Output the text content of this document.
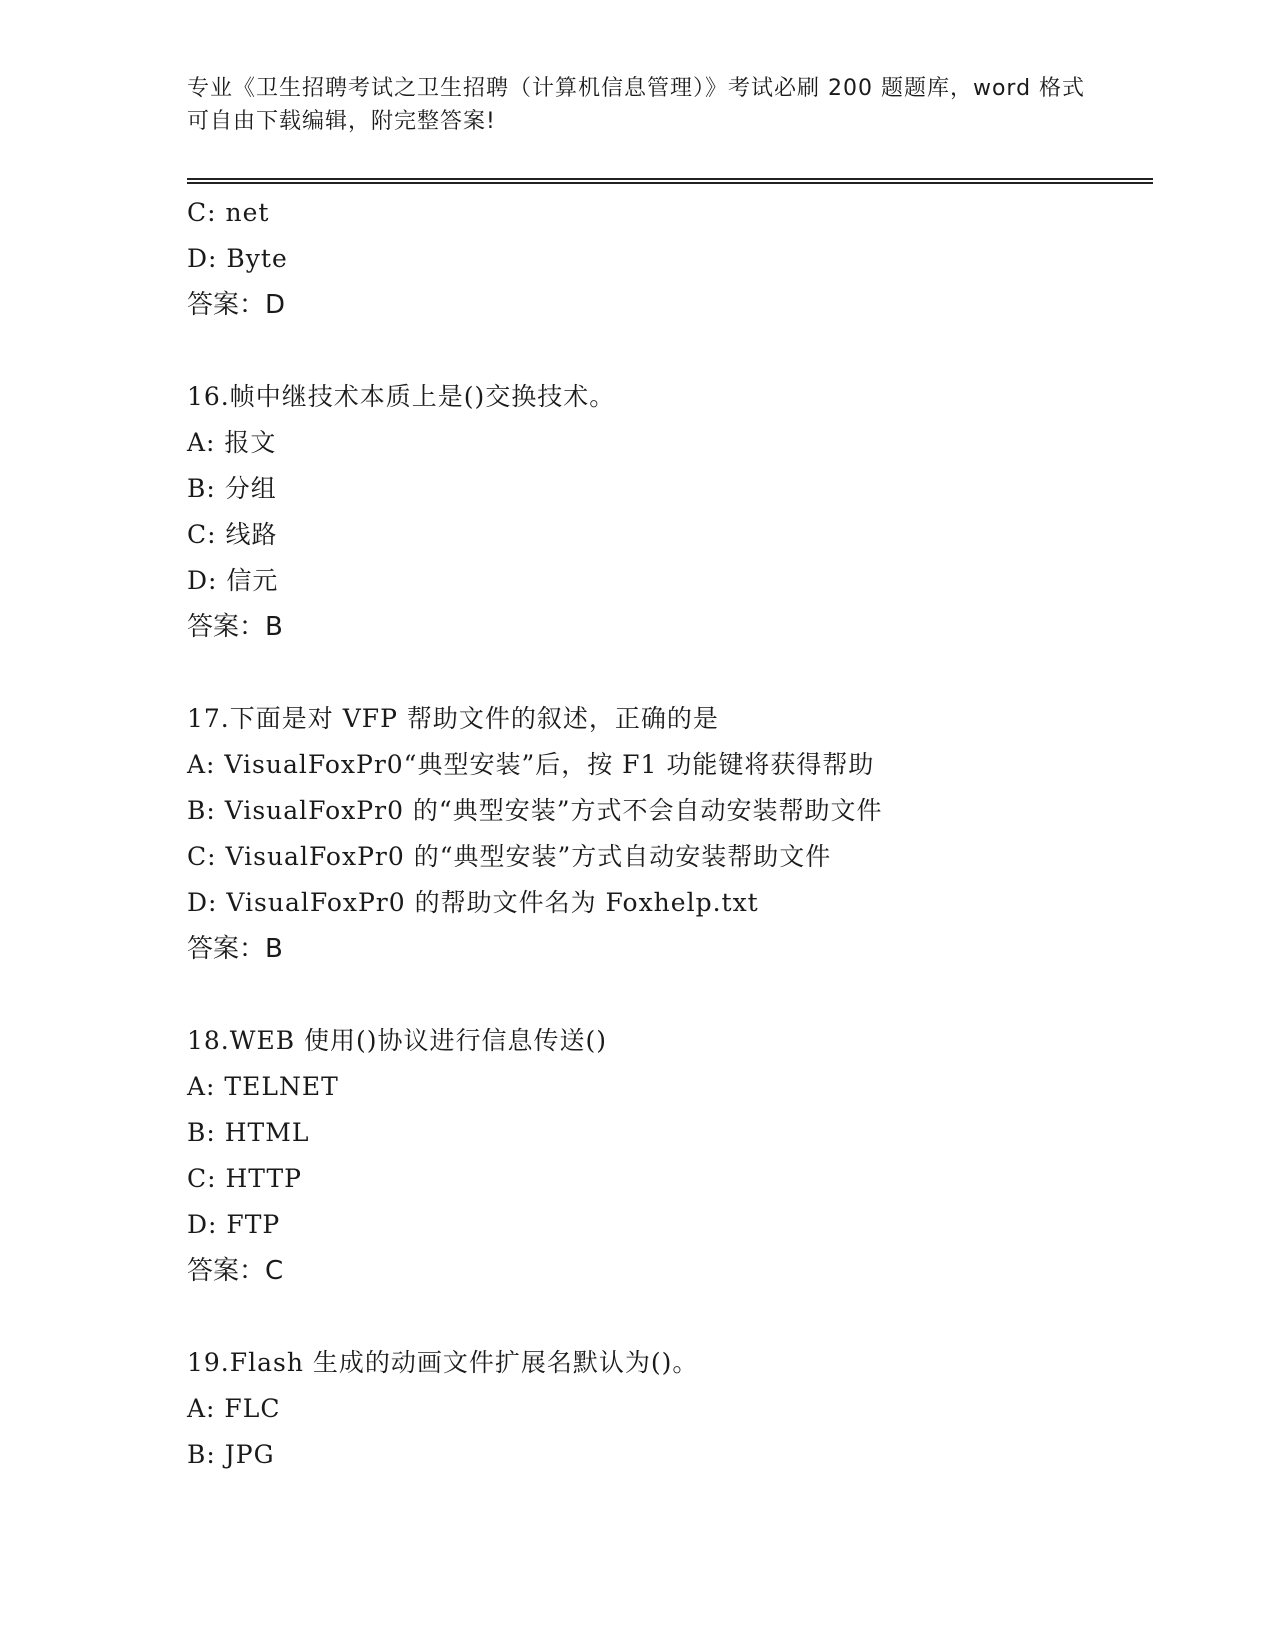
专业《卫生招聘考试之卫生招聘（计算机信息管理）》考试必刷 200 题题库，word 格式可自由下载编辑，附完整答案!
C: net
D: Byte
答案：D
16.帧中继技术本质上是()交换技术。
A: 报文
B: 分组
C: 线路
D: 信元
答案：B
17.下面是对 VFP 帮助文件的叙述，正确的是
A: VisualFoxPr0“典型安装”后，按 F1 功能键将获得帮助
B: VisualFoxPr0 的“典型安装”方式不会自动安装帮助文件
C: VisualFoxPr0 的“典型安装”方式自动安装帮助文件
D: VisualFoxPr0 的帮助文件名为 Foxhelp.txt
答案：B
18.WEB 使用()协议进行信息传送()
A: TELNET
B: HTML
C: HTTP
D: FTP
答案：C
19.Flash 生成的动画文件扩展名默认为()。
A: FLC
B: JPG
